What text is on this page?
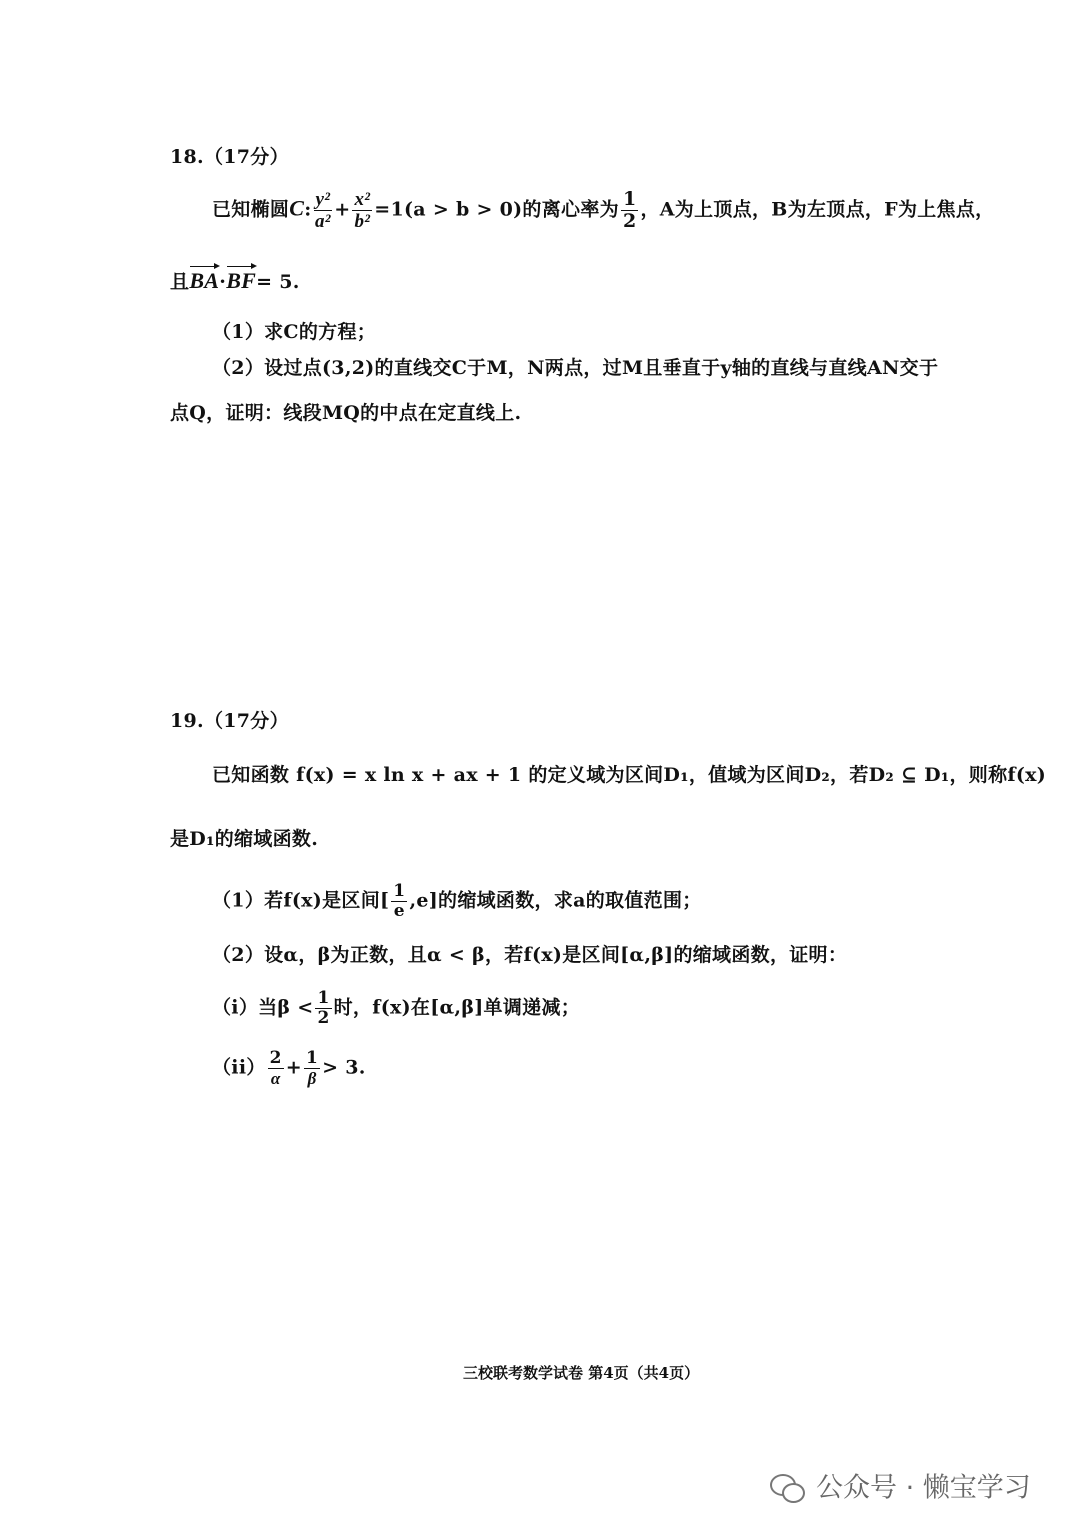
18.（17分）
已知椭圆C: $\frac{\text{y²}}{\text{a²}} + \frac{\text{x²}}{\text{b²}} =1(a > b > 0)$的离心率为 $\frac{1}{2}$ ，A为上顶点，B为左顶点，F为上焦点，
且BA·BF= 5.
（1）求C的方程；
（2）设过点(3,2)的直线交C于M，N两点，过M且垂直于y轴的直线与直线AN交于
点Q，证明：线段MQ的中点在定直线上.
19.（17分）
已知函数 f(x) = x ln x + ax + 1 的定义域为区间D₁，值域为区间D₂，若D₂ ⊆ D₁，则称f(x)
是D₁的缩域函数.
（1）若f(x)是区间[ $\frac{1}{e} ,e$]的缩域函数，求a的取值范围；
（2）设α，β为正数，且α < β，若f(x)是区间[α,β]的缩域函数，证明：
（i）当$\beta < \frac{1}{2}$ 时，f(x)在[α,β]单调递减；
$(ii) \frac{2}{\alpha} + \frac{1}{\beta} > 3$.
三校联考数学试卷 第4页（共4页）
公众号 · 懒宝学习
